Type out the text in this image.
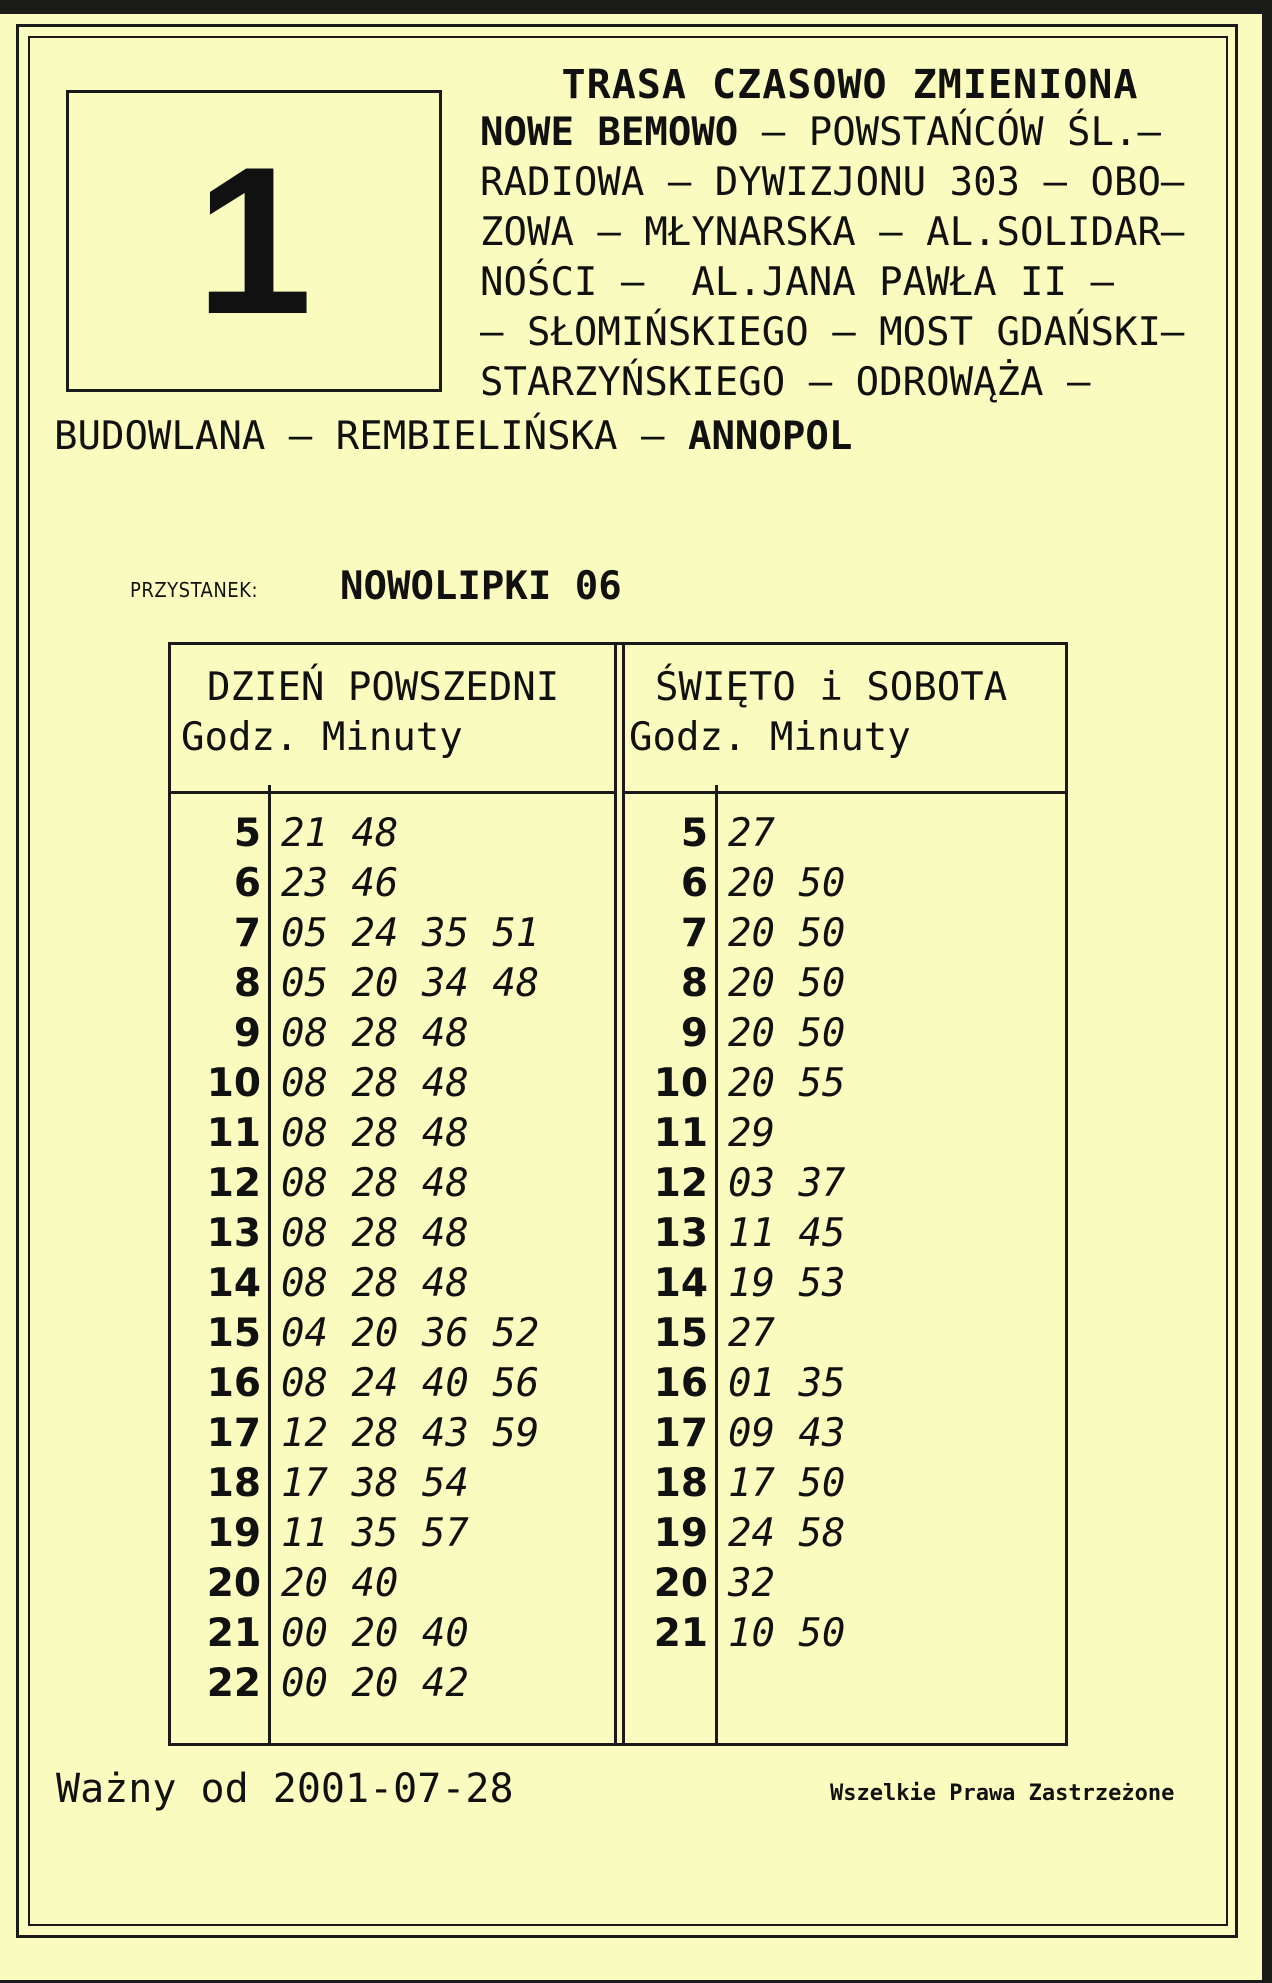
1
TRASA CZASOWO ZMIENIONA
NOWE BEMOWO – POWSTAŃCÓW ŚL.–
RADIOWA – DYWIZJONU 303 – OBO–
ZOWA – MŁYNARSKA – AL.SOLIDAR–
NOŚCI –  AL.JANA PAWŁA II –
– SŁOMIŃSKIEGO – MOST GDAŃSKI–
STARZYŃSKIEGO – ODROWĄŻA –
BUDOWLANA – REMBIELIŃSKA – ANNOPOL
PRZYSTANEK: NOWOLIPKI 06
DZIEŃ POWSZEDNI
Godz. Minuty
ŚWIĘTO i SOBOTA
Godz. Minuty
5 21 48
6 23 46
7 05 24 35 51
8 05 20 34 48
9 08 28 48
10 08 28 48
11 08 28 48
12 08 28 48
13 08 28 48
14 08 28 48
15 04 20 36 52
16 08 24 40 56
17 12 28 43 59
18 17 38 54
19 11 35 57
20 20 40
21 00 20 40
22 00 20 42
5 27
6 20 50
7 20 50
8 20 50
9 20 50
10 20 55
11 29
12 03 37
13 11 45
14 19 53
15 27
16 01 35
17 09 43
18 17 50
19 24 58
20 32
21 10 50
Ważny od 2001-07-28	Wszelkie Prawa Zastrzeżone
